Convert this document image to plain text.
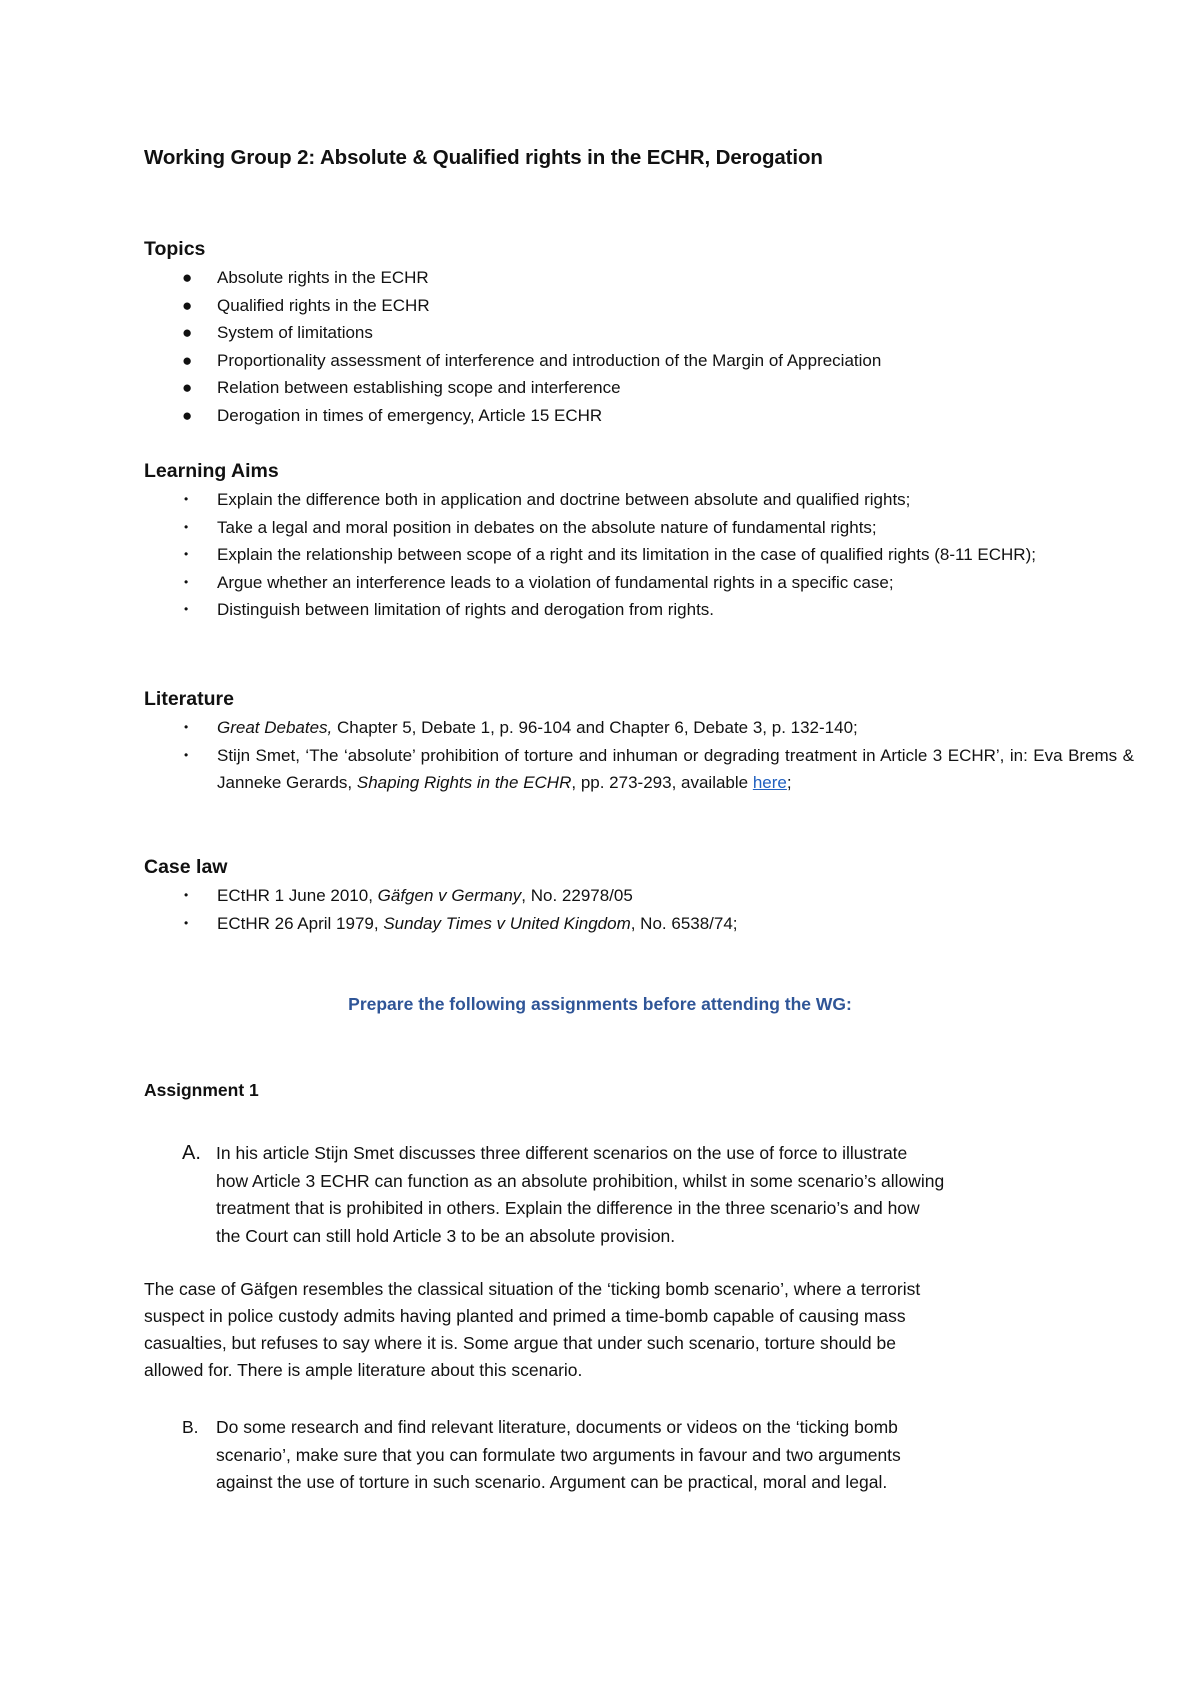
Working Group 2: Absolute & Qualified rights in the ECHR, Derogation
Topics
● Absolute rights in the ECHR
● Qualified rights in the ECHR
● System of limitations
● Proportionality assessment of interference and introduction of the Margin of Appreciation
● Relation between establishing scope and interference
● Derogation in times of emergency, Article 15 ECHR
Learning Aims
• Explain the difference both in application and doctrine between absolute and qualified rights;
• Take a legal and moral position in debates on the absolute nature of fundamental rights;
• Explain the relationship between scope of a right and its limitation in the case of qualified rights (8-11 ECHR);
• Argue whether an interference leads to a violation of fundamental rights in a specific case;
• Distinguish between limitation of rights and derogation from rights.
Literature
• Great Debates, Chapter 5, Debate 1, p. 96-104 and Chapter 6, Debate 3, p. 132-140;
• Stijn Smet, ‘The ‘absolute’ prohibition of torture and inhuman or degrading treatment in Article 3 ECHR’, in: Eva Brems & Janneke Gerards, Shaping Rights in the ECHR, pp. 273-293, available here;
Case law
• ECtHR 1 June 2010, Gäfgen v Germany, No. 22978/05
• ECtHR 26 April 1979, Sunday Times v United Kingdom, No. 6538/74;
Prepare the following assignments before attending the WG:
Assignment 1
A. In his article Stijn Smet discusses three different scenarios on the use of force to illustrate
how Article 3 ECHR can function as an absolute prohibition, whilst in some scenario’s allowing
treatment that is prohibited in others. Explain the difference in the three scenario’s and how
the Court can still hold Article 3 to be an absolute provision.
The case of Gäfgen resembles the classical situation of the ‘ticking bomb scenario’, where a terrorist
suspect in police custody admits having planted and primed a time-bomb capable of causing mass
casualties, but refuses to say where it is. Some argue that under such scenario, torture should be
allowed for. There is ample literature about this scenario.
B. Do some research and find relevant literature, documents or videos on the ‘ticking bomb
scenario’, make sure that you can formulate two arguments in favour and two arguments
against the use of torture in such scenario. Argument can be practical, moral and legal.
